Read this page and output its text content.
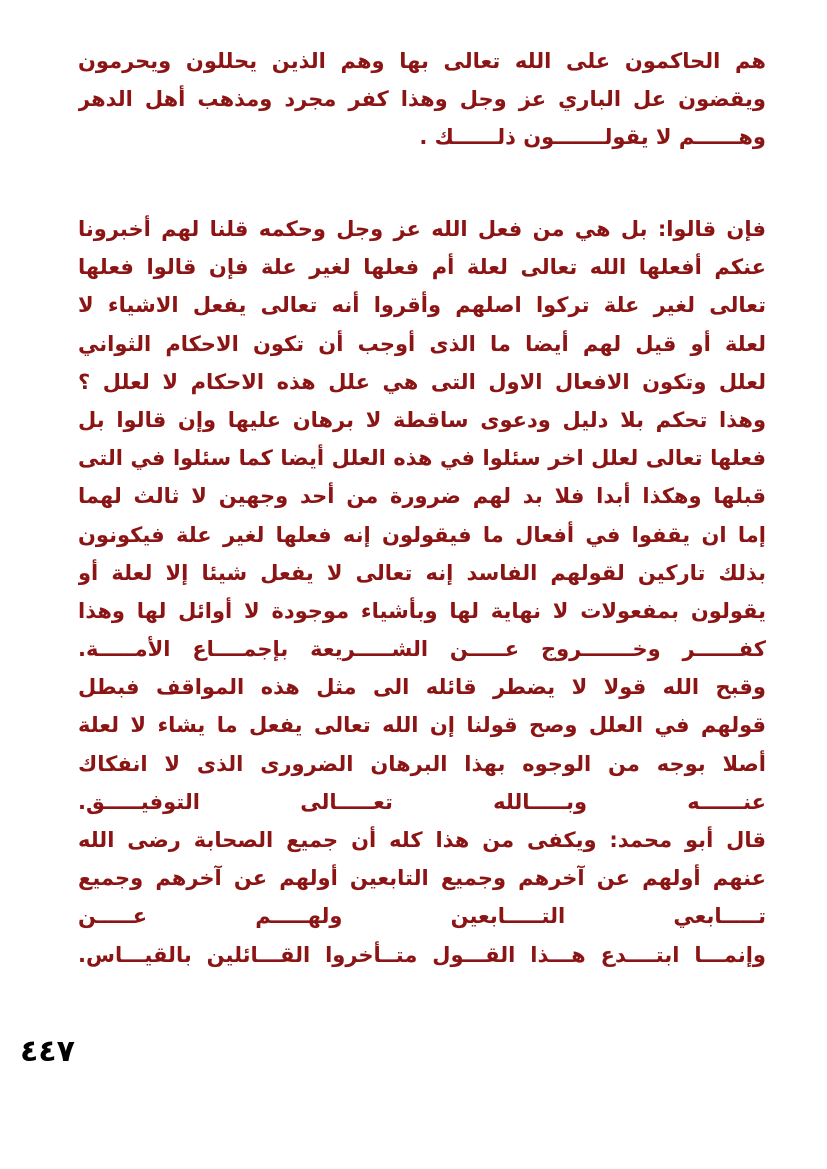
هم الحاكمون على الله تعالى بها وهم الذين يحللون ويحرمون
ويقضون عل الباري عز وجل وهذا كفر مجرد ومذهب أهل الدهر
وهــــــم لا يقولـــــــون ذلــــــك .
فإن قالوا: بل هي من فعل الله عز وجل وحكمه قلنا لهم أخبرونا
عنكم أفعلها الله تعالى لعلة أم فعلها لغير علة فإن قالوا فعلها
تعالى لغير علة تركوا اصلهم وأقروا أنه تعالى يفعل الاشياء لا
لعلة أو قيل لهم أيضا ما الذى أوجب أن تكون الاحكام الثواني
لعلل وتكون الافعال الاول التى هي علل هذه الاحكام لا لعلل ؟
وهذا تحكم بلا دليل ودعوى ساقطة لا برهان عليها وإن قالوا بل
فعلها تعالى لعلل اخر سئلوا في هذه العلل أيضا كما سئلوا في التى
قبلها وهكذا أبدا فلا بد لهم ضرورة من أحد وجهين لا ثالث لهما
إما ان يقفوا في أفعال ما فيقولون إنه فعلها لغير علة فيكونون
بذلك تاركين لقولهم الفاسد إنه تعالى لا يفعل شيئا إلا لعلة أو
يقولون بمفعولات لا نهاية لها وبأشياء موجودة لا أوائل لها وهذا
كفــــــر وخـــــــروج عـــــن الشـــــريعة بإجمــــاع الأمـــــة.
وقبح الله قولا لا يضطر قائله الى مثل هذه المواقف فبطل
قولهم في العلل وصح قولنا إن الله تعالى يفعل ما يشاء لا لعلة
أصلا بوجه من الوجوه بهذا البرهان الضرورى الذى لا انفكاك
عنــــــه وبـــــالله تعـــــالى التوفيـــــق.
قال أبو محمد: ويكفى من هذا كله أن جميع الصحابة رضى الله
عنهم أولهم عن آخرهم وجميع التابعين أولهم عن آخرهم وجميع
تـــــابعي التـــــابعين ولهـــــم عـــــن
وإنمـــا ابتــــدع هـــذا القـــول متــأخروا القـــائلين بالقيـــاس.
٤٤٧
